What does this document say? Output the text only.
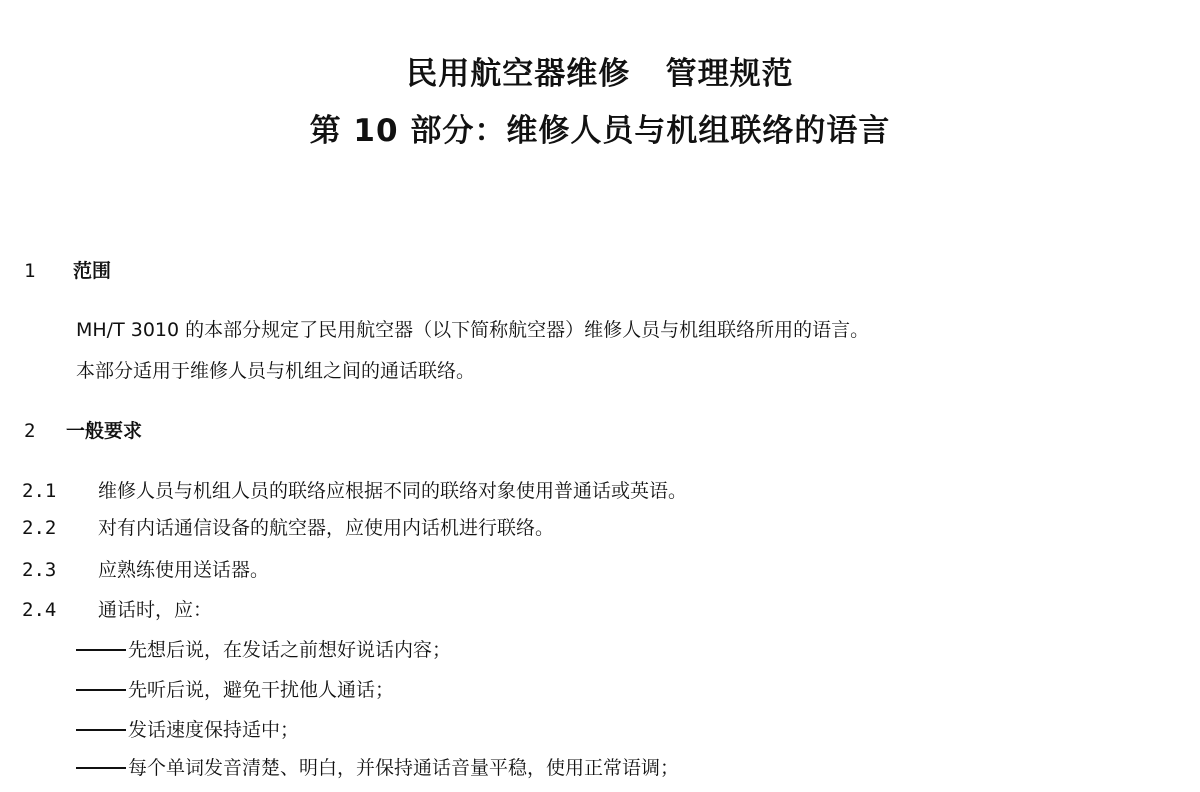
民用航空器维修   管理规范
第 10 部分：维修人员与机组联络的语言
1 范围
MH/T 3010 的本部分规定了民用航空器（以下简称航空器）维修人员与机组联络所用的语言。
本部分适用于维修人员与机组之间的通话联络。
2 一般要求
2.1 维修人员与机组人员的联络应根据不同的联络对象使用普通话或英语。
2.2 对有内话通信设备的航空器，应使用内话机进行联络。
2.3 应熟练使用送话器。
2.4 通话时，应：
先想后说，在发话之前想好说话内容；
先听后说，避免干扰他人通话；
发话速度保持适中；
每个单词发音清楚、明白，并保持通话音量平稳，使用正常语调；
